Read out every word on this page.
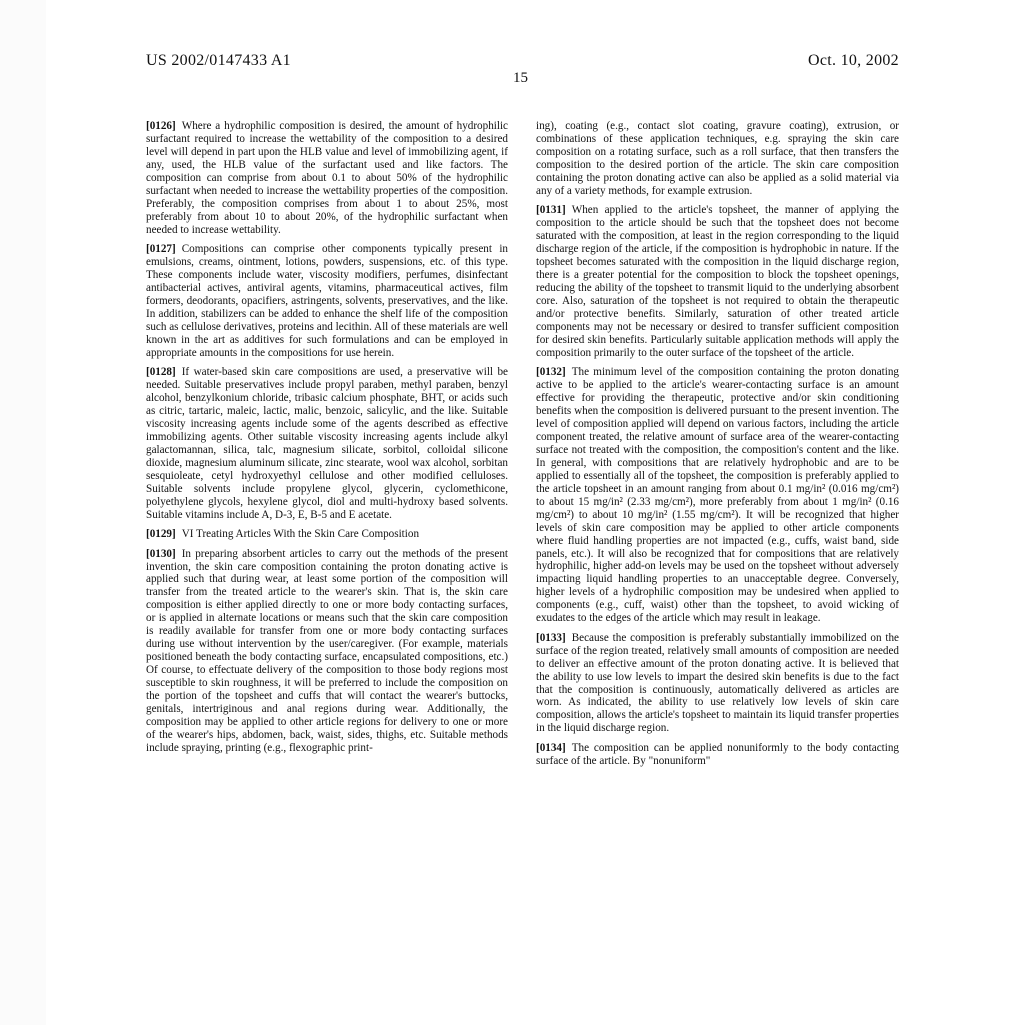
US 2002/0147433 A1	Oct. 10, 2002
15

[0126] Where a hydrophilic composition is desired, the amount of hydrophilic surfactant required to increase the wettability of the composition to a desired level will depend in part upon the HLB value and level of immobilizing agent, if any, used, the HLB value of the surfactant used and like factors. The composition can comprise from about 0.1 to about 50% of the hydrophilic surfactant when needed to increase the wettability properties of the composition. Preferably, the composition comprises from about 1 to about 25%, most preferably from about 10 to about 20%, of the hydrophilic surfactant when needed to increase wettability.

[0127] Compositions can comprise other components typically present in emulsions, creams, ointment, lotions, powders, suspensions, etc. of this type. These components include water, viscosity modifiers, perfumes, disinfectant antibacterial actives, antiviral agents, vitamins, pharmaceutical actives, film formers, deodorants, opacifiers, astringents, solvents, preservatives, and the like. In addition, stabilizers can be added to enhance the shelf life of the composition such as cellulose derivatives, proteins and lecithin. All of these materials are well known in the art as additives for such formulations and can be employed in appropriate amounts in the compositions for use herein.

[0128] If water-based skin care compositions are used, a preservative will be needed. Suitable preservatives include propyl paraben, methyl paraben, benzyl alcohol, benzylkonium chloride, tribasic calcium phosphate, BHT, or acids such as citric, tartaric, maleic, lactic, malic, benzoic, salicylic, and the like. Suitable viscosity increasing agents include some of the agents described as effective immobilizing agents. Other suitable viscosity increasing agents include alkyl galactomannan, silica, talc, magnesium silicate, sorbitol, colloidal silicone dioxide, magnesium aluminum silicate, zinc stearate, wool wax alcohol, sorbitan sesquioleate, cetyl hydroxyethyl cellulose and other modified celluloses. Suitable solvents include propylene glycol, glycerin, cyclomethicone, polyethylene glycols, hexylene glycol, diol and multi-hydroxy based solvents. Suitable vitamins include A, D-3, E, B-5 and E acetate.

[0129] VI Treating Articles With the Skin Care Composition

[0130] In preparing absorbent articles to carry out the methods of the present invention, the skin care composition containing the proton donating active is applied such that during wear, at least some portion of the composition will transfer from the treated article to the wearer's skin. That is, the skin care composition is either applied directly to one or more body contacting surfaces, or is applied in alternate locations or means such that the skin care composition is readily available for transfer from one or more body contacting surfaces during use without intervention by the user/caregiver. (For example, materials positioned beneath the body contacting surface, encapsulated compositions, etc.) Of course, to effectuate delivery of the composition to those body regions most susceptible to skin roughness, it will be preferred to include the composition on the portion of the topsheet and cuffs that will contact the wearer's buttocks, genitals, intertriginous and anal regions during wear. Additionally, the composition may be applied to other article regions for delivery to one or more of the wearer's hips, abdomen, back, waist, sides, thighs, etc. Suitable methods include spraying, printing (e.g., flexographic print-

ing), coating (e.g., contact slot coating, gravure coating), extrusion, or combinations of these application techniques, e.g. spraying the skin care composition on a rotating surface, such as a roll surface, that then transfers the composition to the desired portion of the article. The skin care composition containing the proton donating active can also be applied as a solid material via any of a variety methods, for example extrusion.

[0131] When applied to the article's topsheet, the manner of applying the composition to the article should be such that the topsheet does not become saturated with the composition, at least in the region corresponding to the liquid discharge region of the article, if the composition is hydrophobic in nature. If the topsheet becomes saturated with the composition in the liquid discharge region, there is a greater potential for the composition to block the topsheet openings, reducing the ability of the topsheet to transmit liquid to the underlying absorbent core. Also, saturation of the topsheet is not required to obtain the therapeutic and/or protective benefits. Similarly, saturation of other treated article components may not be necessary or desired to transfer sufficient composition for desired skin benefits. Particularly suitable application methods will apply the composition primarily to the outer surface of the topsheet of the article.

[0132] The minimum level of the composition containing the proton donating active to be applied to the article's wearer-contacting surface is an amount effective for providing the therapeutic, protective and/or skin conditioning benefits when the composition is delivered pursuant to the present invention. The level of composition applied will depend on various factors, including the article component treated, the relative amount of surface area of the wearer-contacting surface not treated with the composition, the composition's content and the like. In general, with compositions that are relatively hydrophobic and are to be applied to essentially all of the topsheet, the composition is preferably applied to the article topsheet in an amount ranging from about 0.1 mg/in² (0.016 mg/cm²) to about 15 mg/in² (2.33 mg/cm²), more preferably from about 1 mg/in² (0.16 mg/cm²) to about 10 mg/in² (1.55 mg/cm²). It will be recognized that higher levels of skin care composition may be applied to other article components where fluid handling properties are not impacted (e.g., cuffs, waist band, side panels, etc.). It will also be recognized that for compositions that are relatively hydrophilic, higher add-on levels may be used on the topsheet without adversely impacting liquid handling properties to an unacceptable degree. Conversely, higher levels of a hydrophilic composition may be undesired when applied to components (e.g., cuff, waist) other than the topsheet, to avoid wicking of exudates to the edges of the article which may result in leakage.

[0133] Because the composition is preferably substantially immobilized on the surface of the region treated, relatively small amounts of composition are needed to deliver an effective amount of the proton donating active. It is believed that the ability to use low levels to impart the desired skin benefits is due to the fact that the composition is continuously, automatically delivered as articles are worn. As indicated, the ability to use relatively low levels of skin care composition, allows the article's topsheet to maintain its liquid transfer properties in the liquid discharge region.

[0134] The composition can be applied nonuniformly to the body contacting surface of the article. By "nonuniform"
